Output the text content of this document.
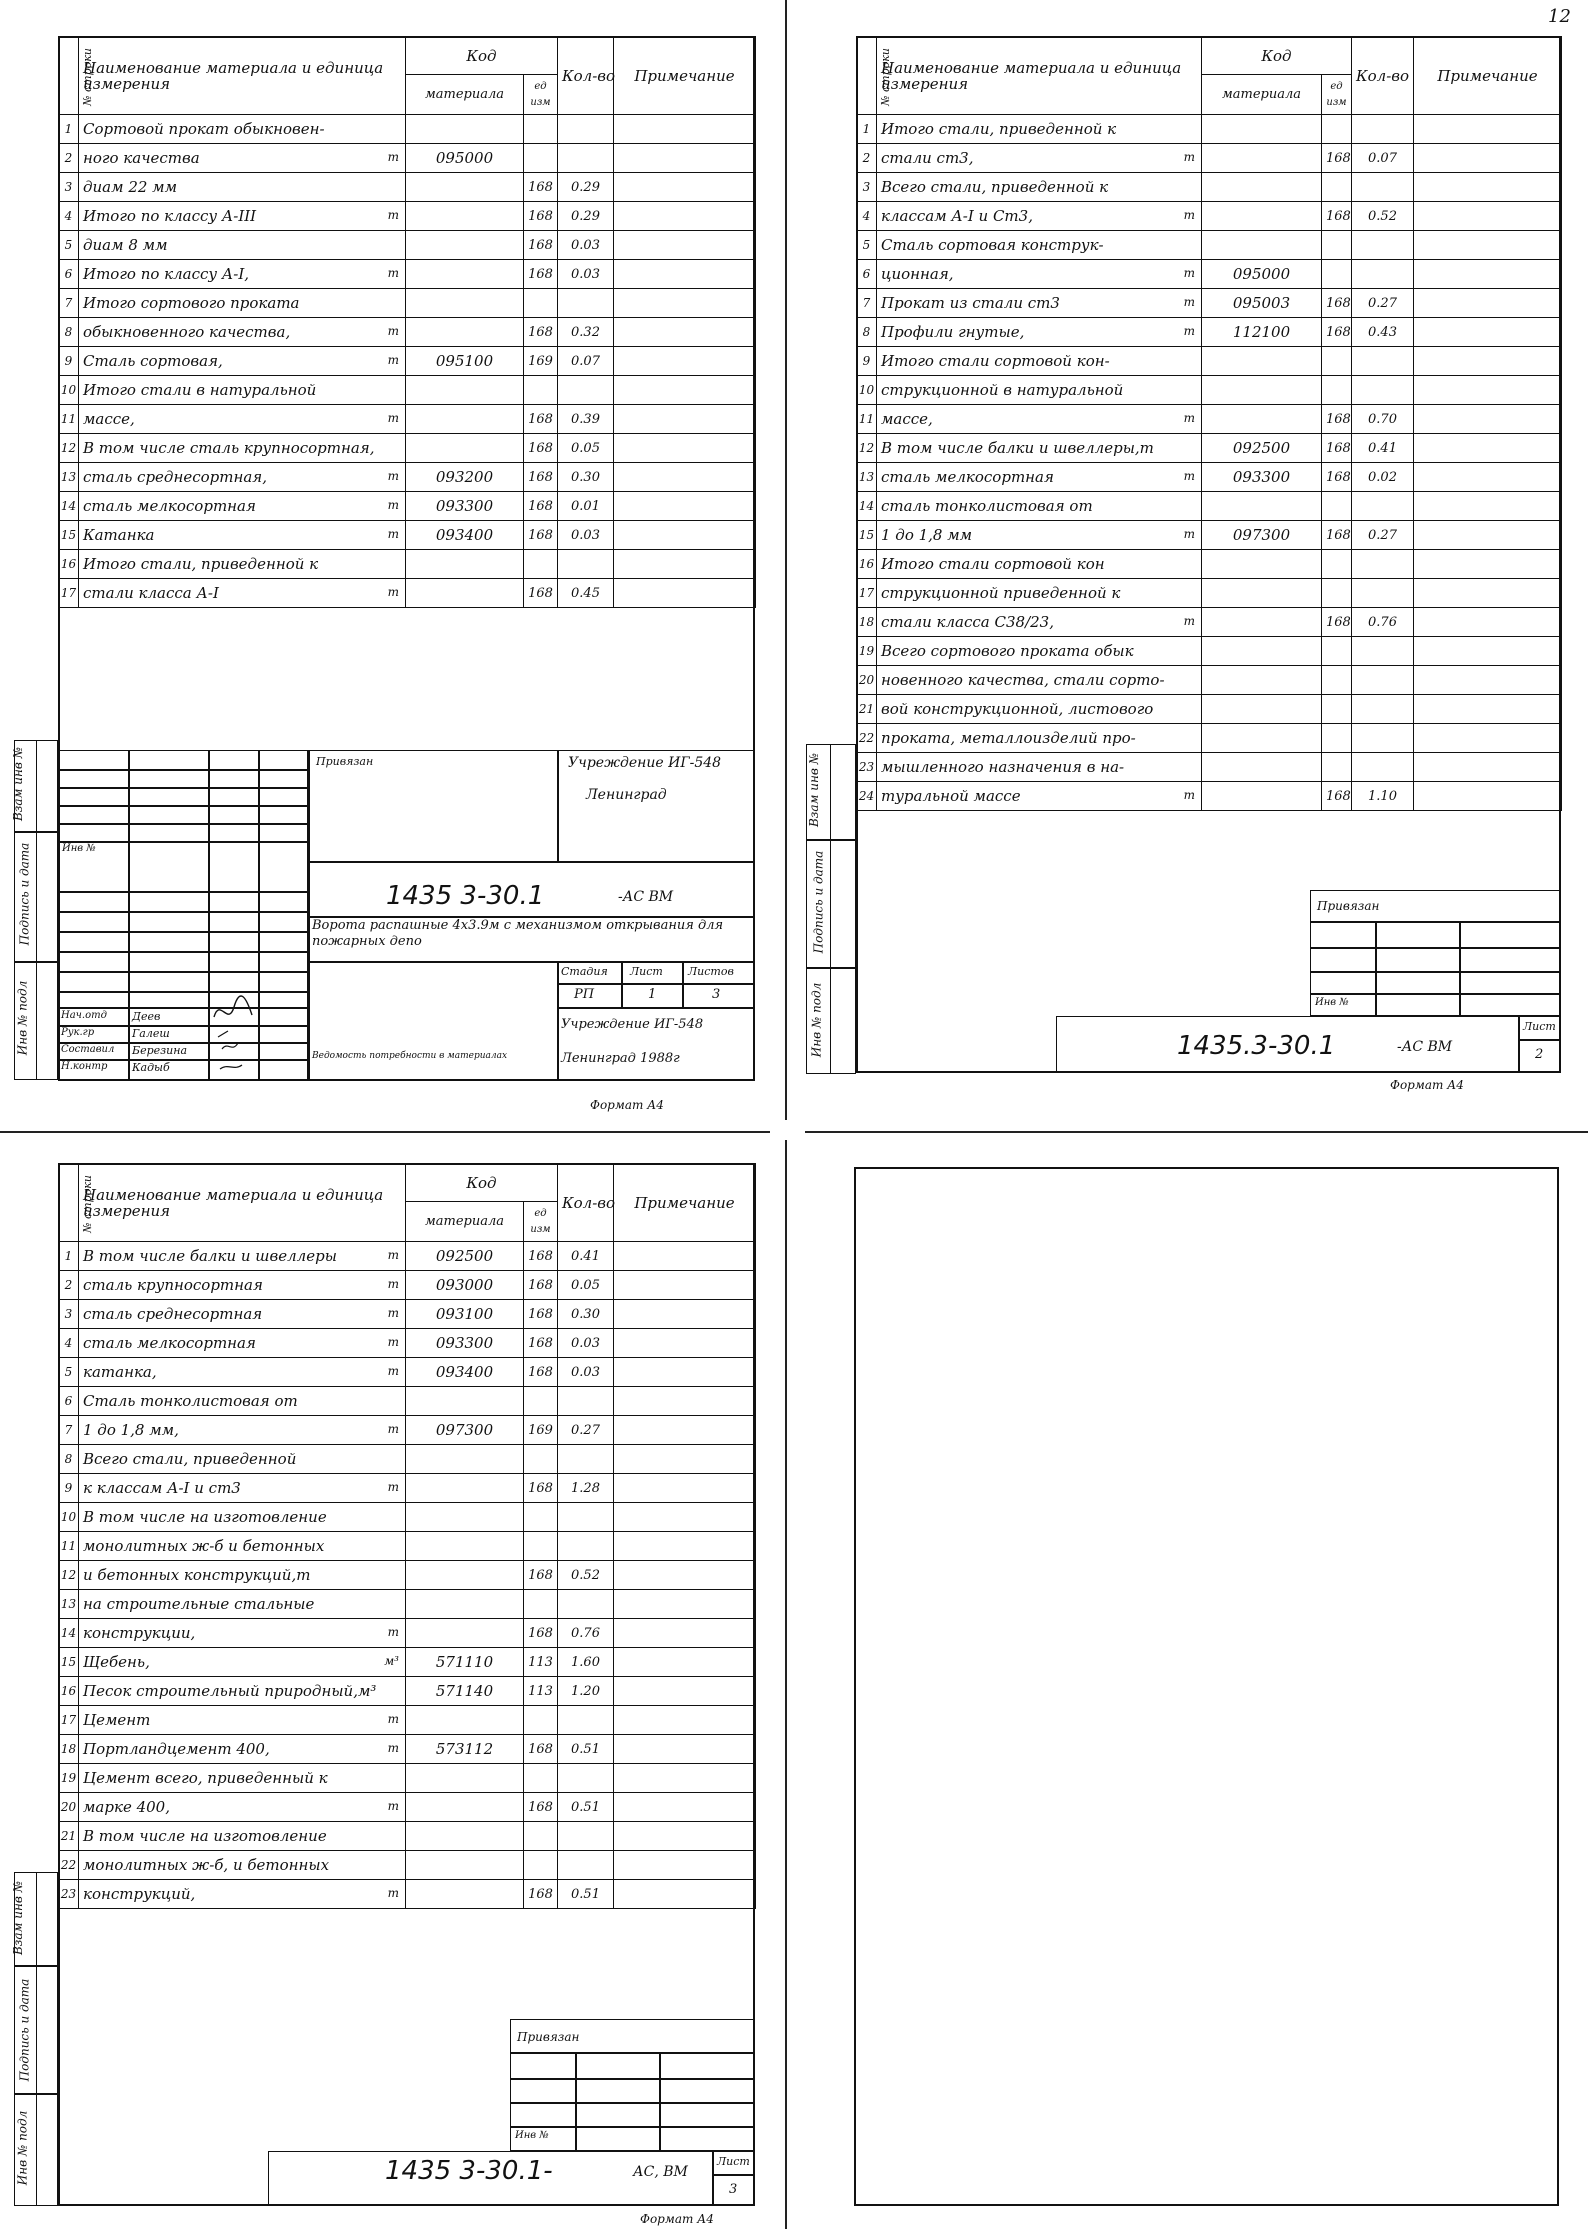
12
№ строки	Наименование материала и единица измерения	Код		Кол-во	Примечание
		материала	ед изм		
1	Сортовой прокат обыкновен-

2	ного качества т	095000			
3	диам 22 мм		168	0.29	
4	Итого по классу А-III т		168	0.29	
5	диам 8 мм		168	0.03	
6	Итого по классу А-I, т		168	0.03	
7	Итого сортового проката

8	обыкновенного качества, т		168	0.32	
9	Сталь сортовая, т	095100	169	0.07	
10	Итого стали в натуральной

11	массе, т		168	0.39	
12	В том числе сталь крупносортная,		168	0.05	
13	сталь среднесортная, т	093200	168	0.30	
14	сталь мелкосортная т	093300	168	0.01	
15	Катанка т	093400	168	0.03	
16	Итого стали, приведенной к

17	стали класса А-I т		168	0.45	
Взам инв №
Подпись и дата
Инв № подл
Привязан	Учреждение ИГ-548
Ленинград
Инв №
1435 3-30.1	-АС ВМ
Ворота распашные 4х3.9м с механизмом открывания для пожарных депо
Стадия Лист Листов
РП	1	3
Учреждение ИГ-548
Ленинград 1988г
Ведомость потребности в материалах
Нач.отд Деев
Рук.гр	Галеш
Составил Березина
Н.контр Кадыб
Формат А4
№ строки	Наименование материала и единица измерения	Код		Кол-во	Примечание
		материала	ед изм		
1	Итого стали, приведенной к

2	стали ст3, т		168	0.07	
3	Всего стали, приведенной к

4	классам А-I и Ст3, т		168	0.52	
5	Сталь сортовая конструк-

6	ционная, т	095000			
7	Прокат из стали ст3 т	095003	168	0.27	
8	Профили гнутые, т	112100	168	0.43	
9	Итого стали сортовой кон-

10	струкционной в натуральной

11	массе, т		168	0.70	
12	В том числе балки и швеллеры,т	092500	168	0.41	
13	сталь мелкосортная т	093300	168	0.02	
14	сталь тонколистовая от

15	1 до 1,8 мм т	097300	168	0.27	
16	Итого стали сортовой кон

17	струкционной приведенной к

18	стали класса С38/23, т		168	0.76	
19	Всего сортового проката обык

20	новенного качества, стали сорто-

21	вой конструкционной, листового

22	проката, металлоизделий про-

23	мышленного назначения в на-

24	туральной массе т		168	1.10	
Взам инв №
Подпись и дата
Инв № подл
Привязан
Инв №
1435.3-30.1	-АС ВМ
Лист
2
Формат А4
№ строки	Наименование материала и единица измерения	Код		Кол-во	Примечание
		материала	ед изм		
1	В том числе балки и швеллеры т	092500	168	0.41	
2	сталь крупносортная т	093000	168	0.05	
3	сталь среднесортная т	093100	168	0.30	
4	сталь мелкосортная т	093300	168	0.03	
5	катанка, т	093400	168	0.03	
6	Сталь тонколистовая от

7	1 до 1,8 мм, т	097300	169	0.27	
8	Всего стали, приведенной

9	к классам А-I и ст3 т		168	1.28	
10	В том числе на изготовление

11	монолитных ж-б и бетонных

12	и бетонных конструкций,т		168	0.52	
13	на строительные стальные

14	конструкции, т		168	0.76	
15	Щебень, м³	571110	113	1.60	
16	Песок строительный природный,м³	571140	113	1.20	
17	Цемент т				

18	Портландцемент 400, т	573112	168	0.51	
19	Цемент всего, приведенный к

20	марке 400, т		168	0.51	
21	В том числе на изготовление

22	монолитных ж-б, и бетонных

23	конструкций, т		168	0.51	
Взам инв №
Подпись и дата
Инв № подл
Привязан
Инв №
1435 3-30.1-	АС, ВМ
Лист
3
Формат А4
